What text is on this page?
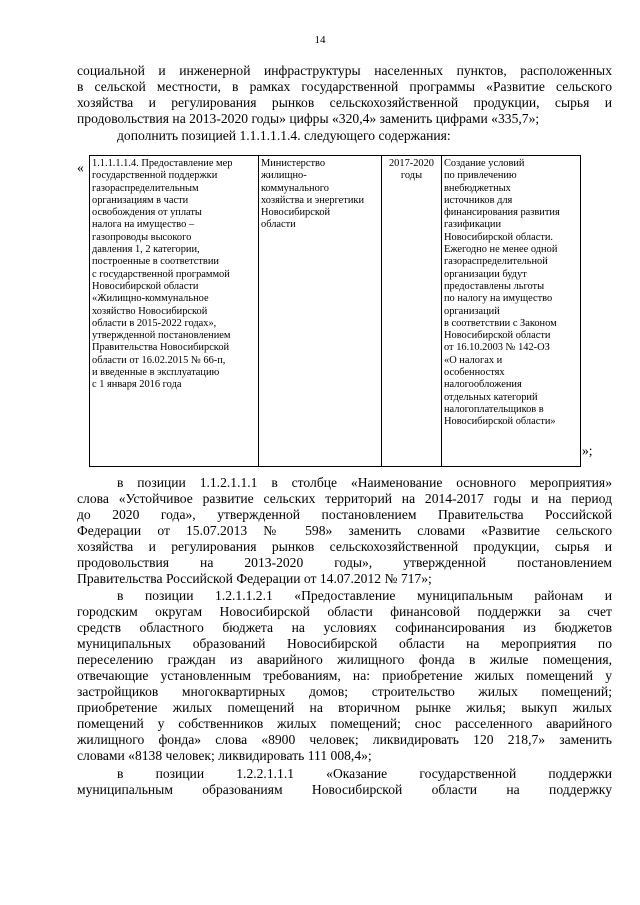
14
социальной и инженерной инфраструктуры населенных пунктов, расположенных
в сельской местности, в рамках государственной программы «Развитие сельского
хозяйства и регулирования рынков сельскохозяйственной продукции, сырья и
продовольствия на 2013-2020 годы» цифры «320,4» заменить цифрами «335,7»;
дополнить позицией 1.1.1.1.1.4. следующего содержания:
« 1.1.1.1.1.4. Предоставление мер
государственной поддержки
газораспределительным
организациям в части
освобождения от уплаты
налога на имущество –
газопроводы высокого
давления 1, 2 категории,
построенные в соответствии
с государственной программой
Новосибирской области
«Жилищно-коммунальное
хозяйство Новосибирской
области в 2015-2022 годах»,
утвержденной постановлением
Правительства Новосибирской
области от 16.02.2015 № 66-п,
и введенные в эксплуатацию
с 1 января 2016 года

Министерство
жилищно-
коммунального
хозяйства и энергетики
Новосибирской
области

2017-2020
годы

Создание условий
по привлечению
внебюджетных
источников для
финансирования развития
газификации
Новосибирской области.
Ежегодно не менее одной
газораспределительной
организации будут
предоставлены льготы
по налогу на имущество
организаций
в соответствии с Законом
Новосибирской области
от 16.10.2003 № 142-ОЗ
«О налогах и
особенностях
налогообложения
отдельных категорий
налогоплательщиков в
Новосибирской области»
»;
в позиции 1.1.2.1.1.1 в столбце «Наименование основного мероприятия»
слова «Устойчивое развитие сельских территорий на 2014-2017 годы и на период
до 2020 года», утвержденной постановлением Правительства Российской
Федерации от 15.07.2013 № 598» заменить словами «Развитие сельского
хозяйства и регулирования рынков сельскохозяйственной продукции, сырья и
продовольствия на 2013-2020 годы», утвержденной постановлением
Правительства Российской Федерации от 14.07.2012 № 717»;
в позиции 1.2.1.1.2.1 «Предоставление муниципальным районам и
городским округам Новосибирской области финансовой поддержки за счет
средств областного бюджета на условиях софинансирования из бюджетов
муниципальных образований Новосибирской области на мероприятия по
переселению граждан из аварийного жилищного фонда в жилые помещения,
отвечающие установленным требованиям, на: приобретение жилых помещений у
застройщиков многоквартирных домов; строительство жилых помещений;
приобретение жилых помещений на вторичном рынке жилья; выкуп жилых
помещений у собственников жилых помещений; снос расселенного аварийного
жилищного фонда» слова «8900 человек; ликвидировать 120 218,7» заменить
словами «8138 человек; ликвидировать 111 008,4»;
в позиции 1.2.2.1.1.1 «Оказание государственной поддержки
муниципальным образованиям Новосибирской области на поддержку
